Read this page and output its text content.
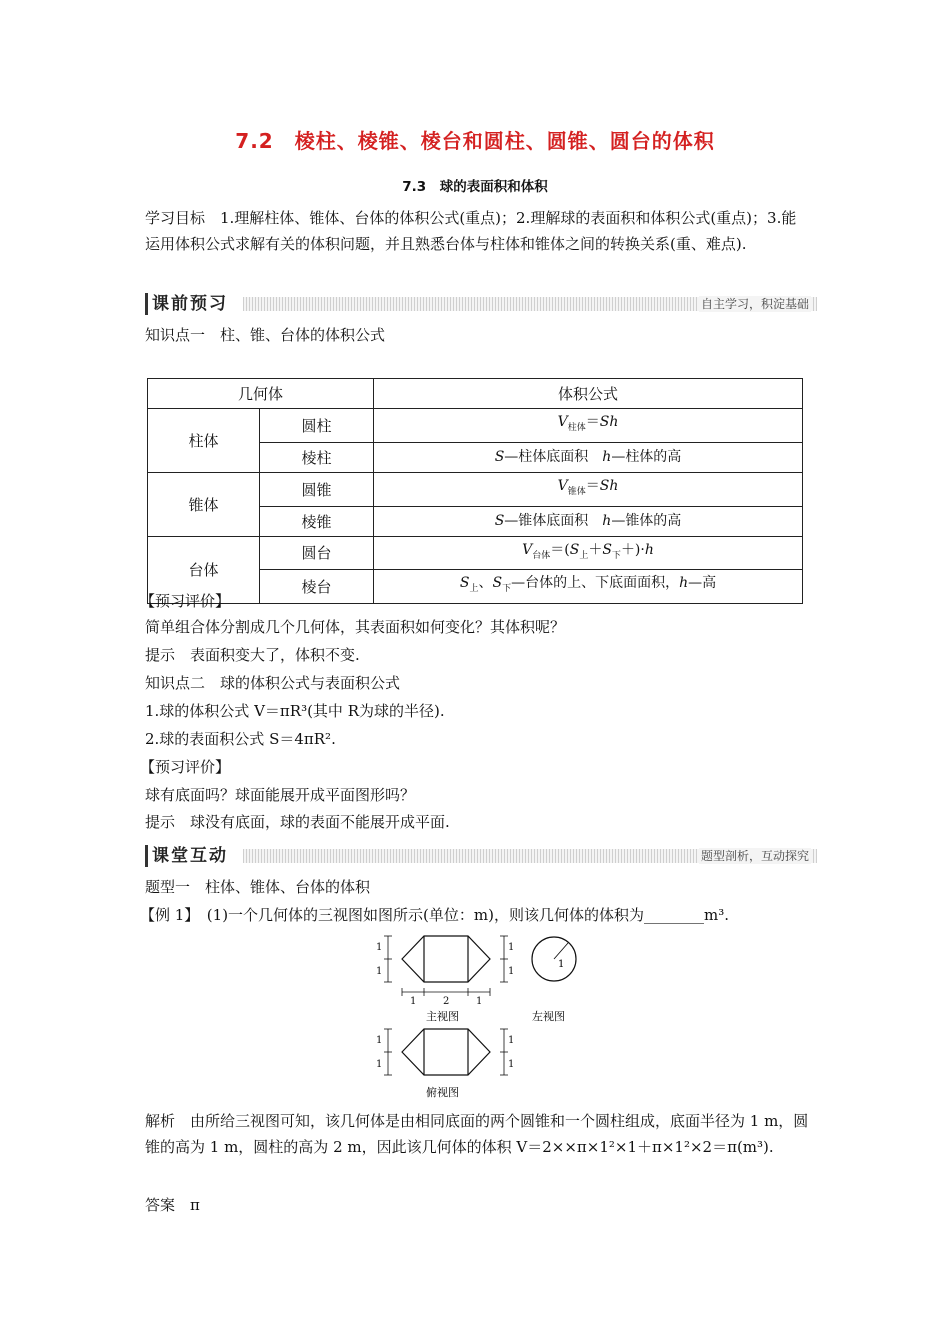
7.2　棱柱、棱锥、棱台和圆柱、圆锥、圆台的体积
7.3　球的表面积和体积
学习目标　1.理解柱体、锥体、台体的体积公式(重点)；2.理解球的表面积和体积公式(重点)；3.能运用体积公式求解有关的体积问题，并且熟悉台体与柱体和锥体之间的转换关系(重、难点).
课前预习	自主学习，积淀基础
知识点一　柱、锥、台体的体积公式
几何体		体积公式
柱体	圆柱	$V_{柱体}=Sh$
	棱柱	S—柱体底面积　h—柱体的高
锥体	圆锥	$V_{锥体}=Sh$
	棱锥	S—锥体底面积　h—锥体的高
台体	圆台	$V_{台体}=(S_上+S_下+)\cdot h$
	棱台	$S_上$、$S_下—$台体的上、下底面面积，h—高
【预习评价】
简单组合体分割成几个几何体，其表面积如何变化？其体积呢？
提示　表面积变大了，体积不变.
知识点二　球的体积公式与表面积公式
1.球的体积公式 V＝πR³(其中 R为球的半径).
2.球的表面积公式 S＝4πR².
【预习评价】
球有底面吗？球面能展开成平面图形吗？
提示　球没有底面，球的表面不能展开成平面.
课堂互动	题型剖析，互动探究
题型一　柱体、锥体、台体的体积
【例 1】　(1)一个几何体的三视图如图所示(单位：m)，则该几何体的体积为________m³.
1
1
1
1
1	2	1
主视图
1
左视图
1
1
1
1
俯视图
解析　由所给三视图可知，该几何体是由相同底面的两个圆锥和一个圆柱组成，底面半径为 1 m，圆锥的高为 1 m，圆柱的高为 2 m，因此该几何体的体积 V＝2××π×1²×1＋π×1²×2＝π(m³).
答案　π
